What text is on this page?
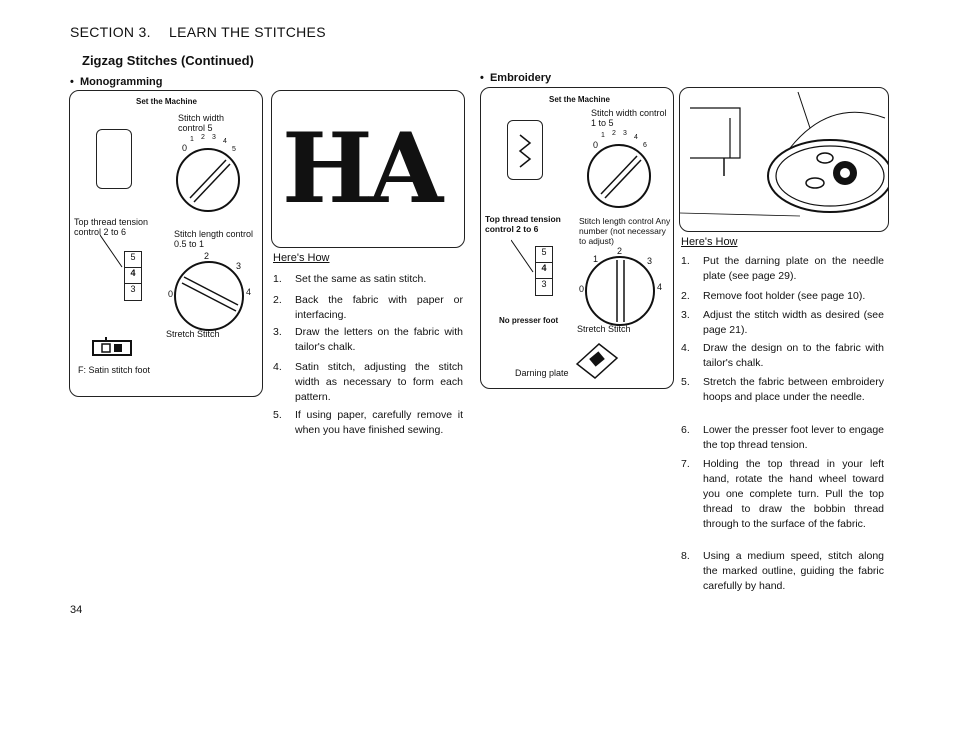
SECTION 3. LEARN THE STITCHES
Zigzag Stitches (Continued)
•  Monogramming
Set the Machine
Stitch width control 5
0
1 2 3
4
5
Top thread tension control 2 to 6	Stitch length control 0.5 to 1
5
4
3	0
2
3
4
Stretch Stitch
F: Satin stitch foot
HA
Here's How
1. Set the same as satin stitch.
2. Back the fabric with paper or interfacing.
3. Draw the letters on the fabric with tailor's chalk.
4. Satin stitch, adjusting the stitch width as necessary to form each pattern.
5. If using paper, carefully remove it when you have finished sewing.
•  Embroidery
Set the Machine
Stitch width control 1 to 5
0
1 2 3
4
6
Top thread tension control 2 to 6
Stitch length control Any number (not necessary to adjust)
5
4
3
1
2
3
0	4
No presser foot
Stretch Stitch
Darning plate
Here's How
1. Put the darning plate on the needle plate (see page 29).
2. Remove foot holder (see page 10).
3. Adjust the stitch width as desired (see page 21).
4. Draw the design on to the fabric with tailor's chalk.
5. Stretch the fabric between embroidery hoops and place under the needle.
6. Lower the presser foot lever to engage the top thread tension.
7. Holding the top thread in your left hand, rotate the hand wheel toward you one complete turn. Pull the top thread to draw the bobbin thread through to the surface of the fabric.
8. Using a medium speed, stitch along the marked outline, guiding the fabric carefully by hand.
34
